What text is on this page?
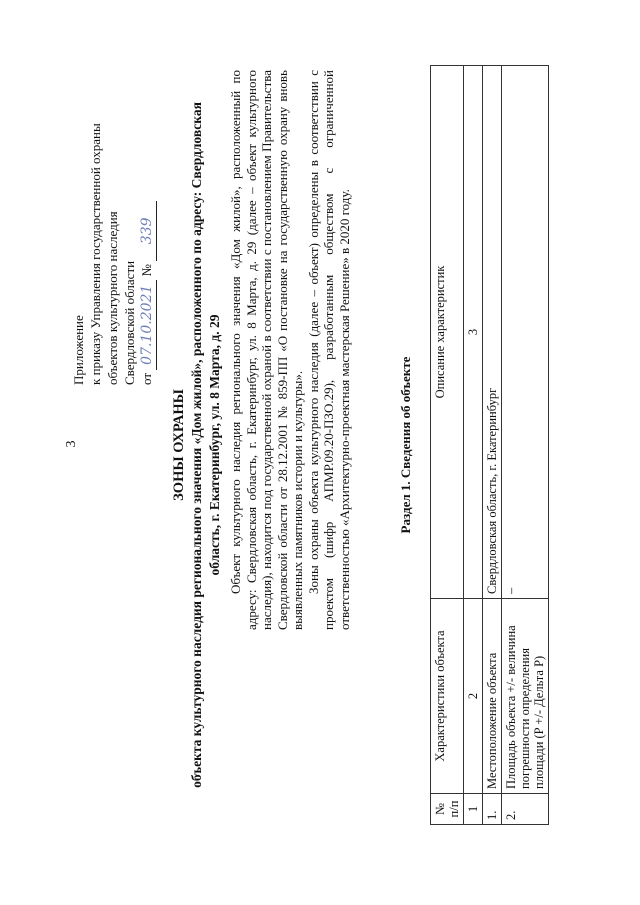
3
Приложение к приказу Управления государственной охраны объектов культурного наследия Свердловской области от 07.10.2021 № 339
ЗОНЫ ОХРАНЫ объекта культурного наследия регионального значения «Дом жилой», расположенного по адресу: Свердловская область, г. Екатеринбург, ул. 8 Марта, д. 29 Объект культурного наследия регионального значения «Дом жилой», расположенный по адресу: Свердловская область, г. Екатеринбург, ул. 8 Марта, д. 29 (далее – объект культурного наследия), находится под государственной охраной в соответствии с постановлением Правительства Свердловской области от 28.12.2001 № 859-ПП «О постановке на государственную охрану вновь выявленных памятников истории и культуры». Зоны охраны объекта культурного наследия (далее – объект) определены в соответствии с проектом (шифр АПМР.09.20-ПЗО.29), разработанным обществом с ограниченной ответственностью «Архитектурно-проектная мастерская Решение» в 2020 году.	Раздел 1. Сведения об объекте
№ п/п	Характеристики объекта	Описание характеристик
1	2	3
1.	Местоположение объекта	Свердловская область, г. Екатеринбург
2.	Площадь объекта +/- величина погрешности определения площади (P +/- Дельта P)	–
